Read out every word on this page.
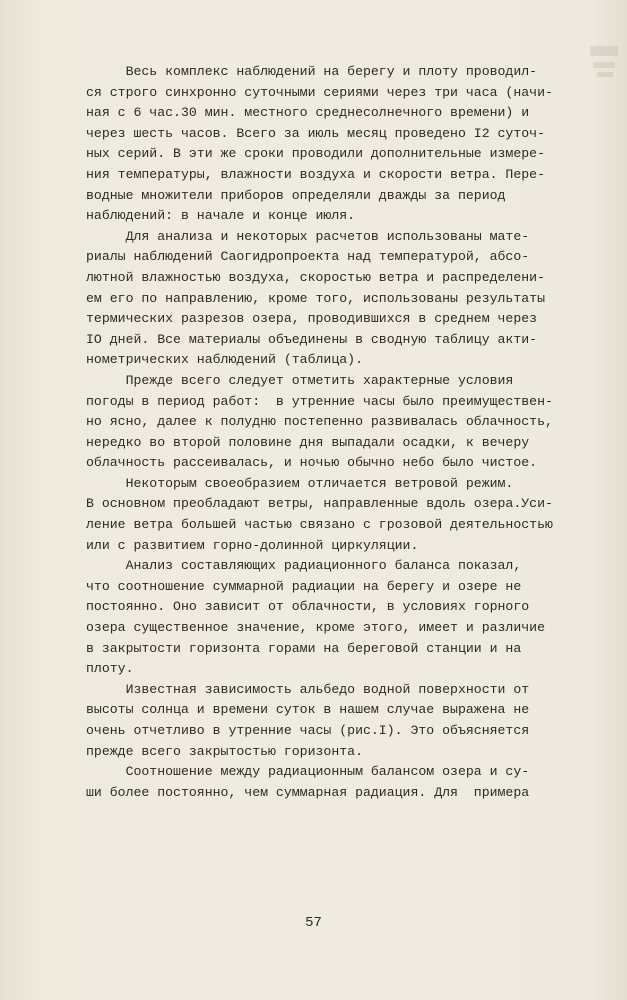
Весь комплекс наблюдений на берегу и плоту проводил-
ся строго синхронно суточными сериями через три часа (начи-
ная с 6 час.30 мин. местного среднесолнечного времени) и
через шесть часов. Всего за июль месяц проведено I2 суточ-
ных серий. В эти же сроки проводили дополнительные измере-
ния температуры, влажности воздуха и скорости ветра. Пере-
водные множители приборов определяли дважды за период
наблюдений: в начале и конце июля.
Для анализа и некоторых расчетов использованы мате-
риалы наблюдений Саогидропроекта над температурой, абсо-
лютной влажностью воздуха, скоростью ветра и распределени-
ем его по направлению, кроме того, использованы результаты
термических разрезов озера, проводившихся в среднем через
IO дней. Все материалы объединены в сводную таблицу акти-
нометрических наблюдений (таблица).
Прежде всего следует отметить характерные условия
погоды в период работ:  в утренние часы было преимуществен-
но ясно, далее к полудню постепенно развивалась облачность,
нередко во второй половине дня выпадали осадки, к вечеру
облачность рассеивалась, и ночью обычно небо было чистое.
Некоторым своеобразием отличается ветровой режим.
В основном преобладают ветры, направленные вдоль озера.Уси-
ление ветра большей частью связано с грозовой деятельностью
или с развитием горно-долинной циркуляции.
Анализ составляющих радиационного баланса показал,
что соотношение суммарной радиации на берегу и озере не
постоянно. Оно зависит от облачности, в условиях горного
озера существенное значение, кроме этого, имеет и различие
в закрытости горизонта горами на береговой станции и на
плоту.
Известная зависимость альбедо водной поверхности от
высоты солнца и времени суток в нашем случае выражена не
очень отчетливо в утренние часы (рис.I). Это объясняется
прежде всего закрытостью горизонта.
Соотношение между радиационным балансом озера и су-
ши более постоянно, чем суммарная радиация. Для  примера
57
